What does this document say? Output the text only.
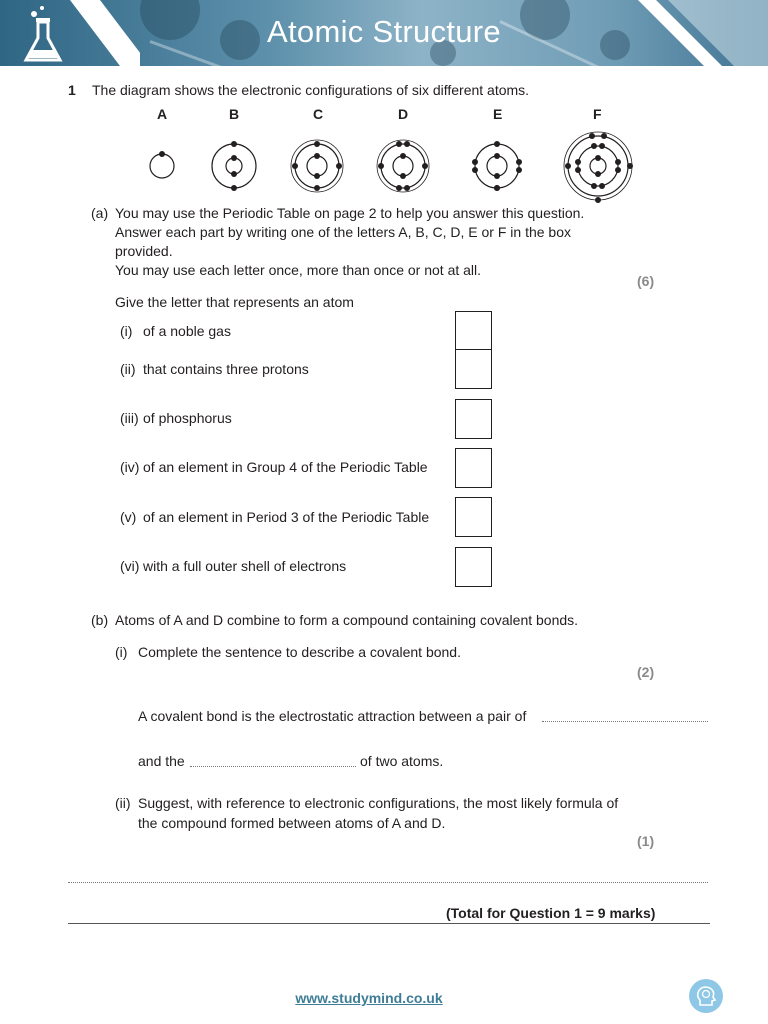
Atomic Structure
1 The diagram shows the electronic configurations of six different atoms.
A	B	C	D	E	F
(a) You may use the Periodic Table on page 2 to help you answer this question.
Answer each part by writing one of the letters A, B, C, D, E or F in the box
provided.
You may use each letter once, more than once or not at all.
(6)
Give the letter that represents an atom
(i) of a noble gas
(ii) that contains three protons
(iii) of phosphorus
(iv) of an element in Group 4 of the Periodic Table
(v) of an element in Period 3 of the Periodic Table
(vi) with a full outer shell of electrons
(b) Atoms of A and D combine to form a compound containing covalent bonds.
(i) Complete the sentence to describe a covalent bond.
(2)
A covalent bond is the electrostatic attraction between a pair of
and the	of two atoms.
(ii) Suggest, with reference to electronic configurations, the most likely formula of
the compound formed between atoms of A and D.
(1)
(Total for Question 1 = 9 marks)
www.studymind.co.uk
